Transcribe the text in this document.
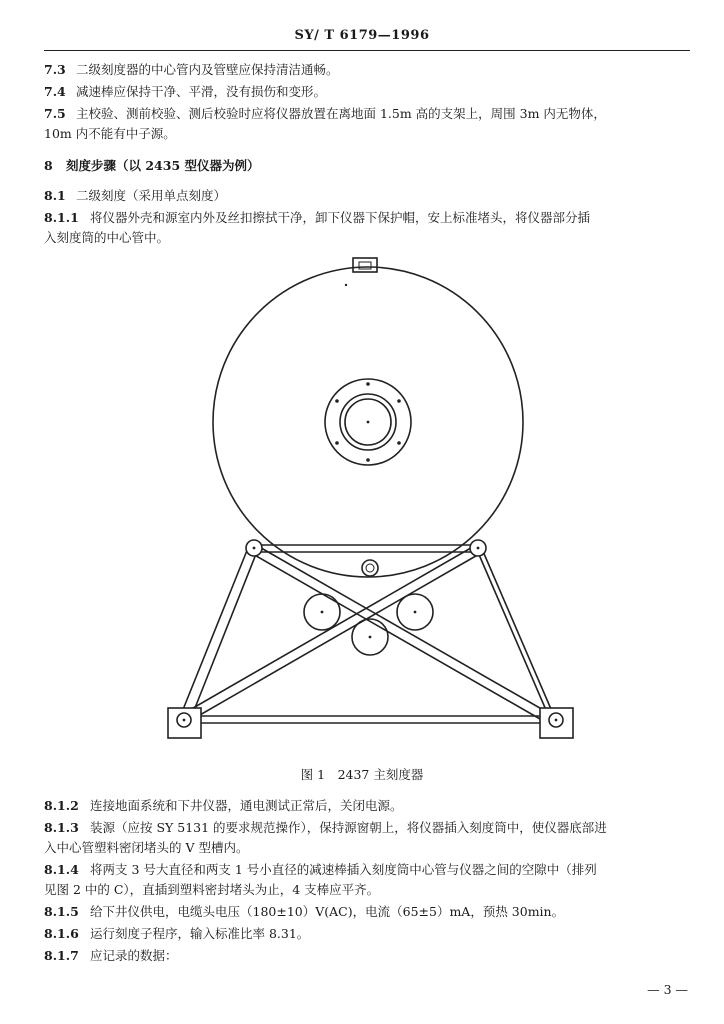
SY/ T 6179—1996
7.3 二级刻度器的中心管内及管壁应保持清洁通畅。
7.4 减速棒应保持干净、平滑，没有损伤和变形。
7.5 主校验、测前校验、测后校验时应将仪器放置在离地面 1.5m 高的支架上，周围 3m 内无物体，
10m 内不能有中子源。
8 刻度步骤（以 2435 型仪器为例）
8.1 二级刻度（采用单点刻度）
8.1.1 将仪器外壳和源室内外及丝扣擦拭干净，卸下仪器下保护帽，安上标准堵头，将仪器部分插
入刻度筒的中心管中。
图 1　2437 主刻度器
8.1.2 连接地面系统和下井仪器，通电测试正常后，关闭电源。
8.1.3 装源（应按 SY 5131 的要求规范操作），保持源窗朝上，将仪器插入刻度筒中，使仪器底部进
入中心管塑料密闭堵头的 V 型槽内。
8.1.4 将两支 3 号大直径和两支 1 号小直径的减速棒插入刻度筒中心管与仪器之间的空隙中（排列
见图 2 中的 C），直插到塑料密封堵头为止，4 支棒应平齐。
8.1.5 给下井仪供电，电缆头电压（180±10）V(AC)，电流（65±5）mA，预热 30min。
8.1.6 运行刻度子程序，输入标准比率 8.31。
8.1.7 应记录的数据：
— 3 —
